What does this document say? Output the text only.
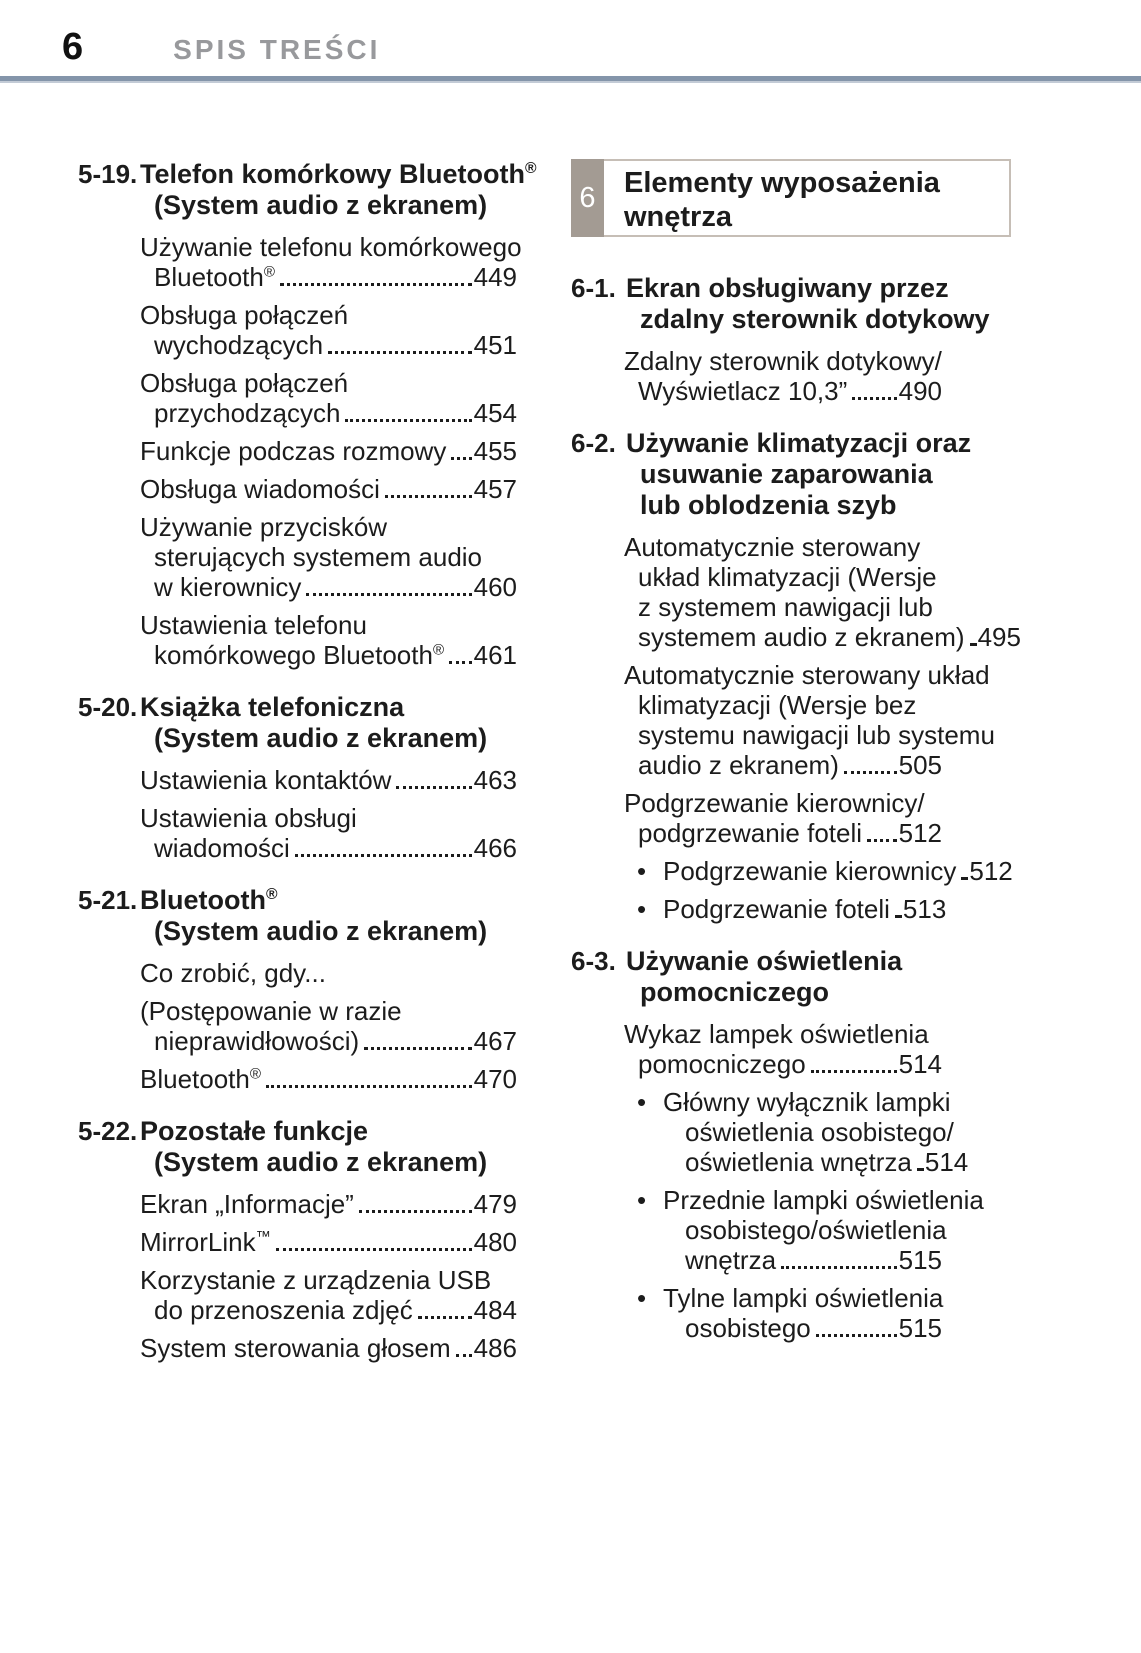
6	SPIS TREŚCI
5-19. Telefon komórkowy Bluetooth®
(System audio z ekranem)
Używanie telefonu komórkowego
Bluetooth®	449
Obsługa połączeń
wychodzących	451
Obsługa połączeń
przychodzących	454
Funkcje podczas rozmowy 455
Obsługa wiadomości	457
Używanie przycisków
sterujących systemem audio
w kierownicy	460
Ustawienia telefonu
komórkowego Bluetooth® 461
5-20. Książka telefoniczna
(System audio z ekranem)
Ustawienia kontaktów	463
Ustawienia obsługi
wiadomości	466
5-21. Bluetooth®
(System audio z ekranem)
Co zrobić, gdy...
(Postępowanie w razie
nieprawidłowości)	467
Bluetooth®	470
5-22. Pozostałe funkcje
(System audio z ekranem)
Ekran „Informacje”	479
MirrorLink™	480
Korzystanie z urządzenia USB
do przenoszenia zdjęć 484
System sterowania głosem 486
6 Elementy wyposażenia
wnętrza
6-1. Ekran obsługiwany przez
zdalny sterownik dotykowy
Zdalny sterownik dotykowy/
Wyświetlacz 10,3” 490
6-2. Używanie klimatyzacji oraz
usuwanie zaparowania
lub oblodzenia szyb
Automatycznie sterowany
układ klimatyzacji (Wersje
z systemem nawigacji lub
systemem audio z ekranem) 495
Automatycznie sterowany układ
klimatyzacji (Wersje bez
systemu nawigacji lub systemu
audio z ekranem) 505
Podgrzewanie kierownicy/
podgrzewanie foteli 512
• Podgrzewanie kierownicy 512
• Podgrzewanie foteli 513
6-3. Używanie oświetlenia
pomocniczego
Wykaz lampek oświetlenia
pomocniczego	514
• Główny wyłącznik lampki
oświetlenia osobistego/
oświetlenia wnętrza 514
• Przednie lampki oświetlenia
osobistego/oświetlenia
wnętrza	515
• Tylne lampki oświetlenia
osobistego	515
